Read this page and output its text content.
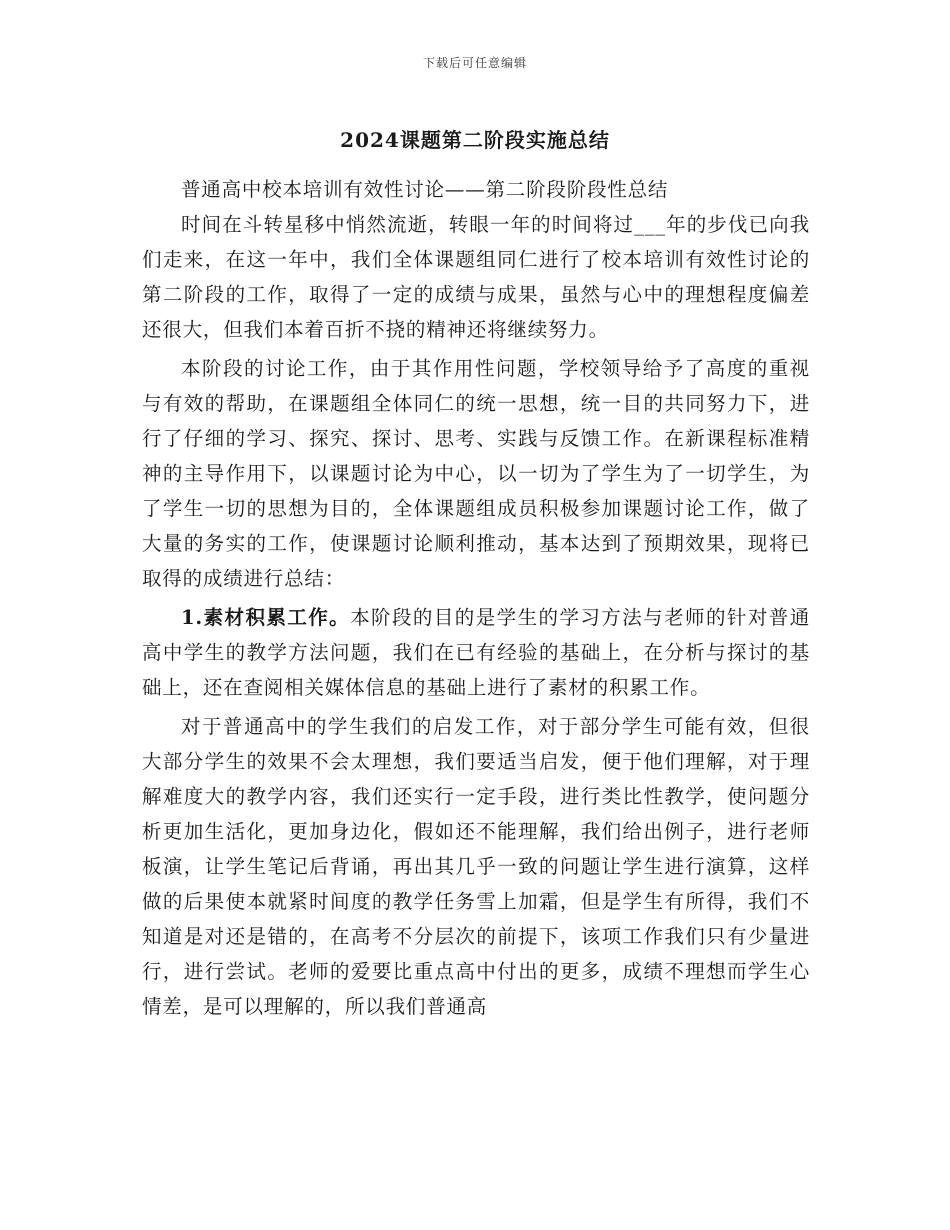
下载后可任意编辑
2024课题第二阶段实施总结

普通高中校本培训有效性讨论——第二阶段阶段性总结

时间在斗转星移中悄然流逝，转眼一年的时间将过___年的步伐已向我们走来，在这一年中，我们全体课题组同仁进行了校本培训有效性讨论的第二阶段的工作，取得了一定的成绩与成果，虽然与心中的理想程度偏差还很大，但我们本着百折不挠的精神还将继续努力。

本阶段的讨论工作，由于其作用性问题，学校领导给予了高度的重视与有效的帮助，在课题组全体同仁的统一思想，统一目的共同努力下，进行了仔细的学习、探究、探讨、思考、实践与反馈工作。在新课程标准精神的主导作用下，以课题讨论为中心，以一切为了学生为了一切学生，为了学生一切的思想为目的，全体课题组成员积极参加课题讨论工作，做了大量的务实的工作，使课题讨论顺利推动，基本达到了预期效果，现将已取得的成绩进行总结：

1.素材积累工作。本阶段的目的是学生的学习方法与老师的针对普通高中学生的教学方法问题，我们在已有经验的基础上，在分析与探讨的基础上，还在查阅相关媒体信息的基础上进行了素材的积累工作。

对于普通高中的学生我们的启发工作，对于部分学生可能有效，但很大部分学生的效果不会太理想，我们要适当启发，便于他们理解，对于理解难度大的教学内容，我们还实行一定手段，进行类比性教学，使问题分析更加生活化，更加身边化，假如还不能理解，我们给出例子，进行老师板演，让学生笔记后背诵，再出其几乎一致的问题让学生进行演算，这样做的后果使本就紧时间度的教学任务雪上加霜，但是学生有所得，我们不知道是对还是错的，在高考不分层次的前提下，该项工作我们只有少量进行，进行尝试。老师的爱要比重点高中付出的更多，成绩不理想而学生心情差，是可以理解的，所以我们普通高
